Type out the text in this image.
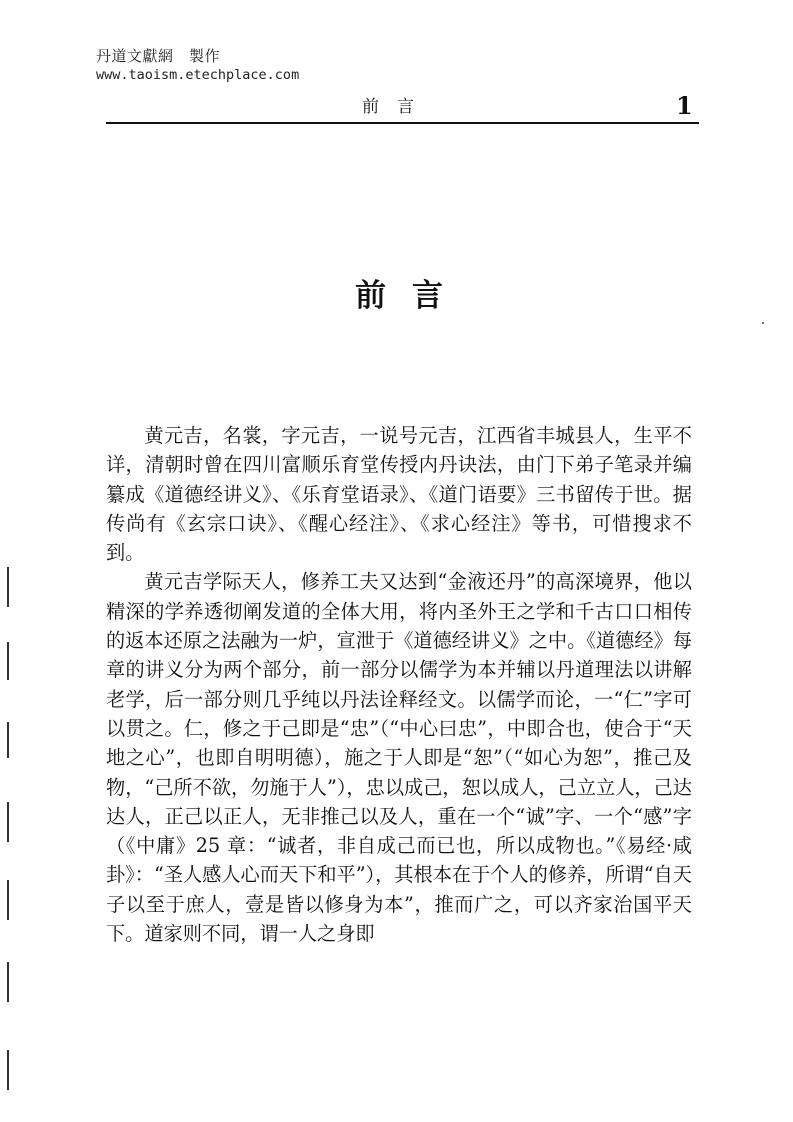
丹道文獻網　製作
www.taoism.etechplace.com
前言	1
前言

黄元吉，名裳，字元吉，一说号元吉，江西省丰城县人，生平不详，清朝时曾在四川富顺乐育堂传授内丹诀法，由门下弟子笔录并编纂成《道德经讲义》、《乐育堂语录》、《道门语要》三书留传于世。据传尚有《玄宗口诀》、《醒心经注》、《求心经注》等书，可惜搜求不到。

黄元吉学际天人，修养工夫又达到“金液还丹”的高深境界，他以精深的学养透彻阐发道的全体大用，将内圣外王之学和千古口口相传的返本还原之法融为一炉，宣泄于《道德经讲义》之中。《道德经》每章的讲义分为两个部分，前一部分以儒学为本并辅以丹道理法以讲解老学，后一部分则几乎纯以丹法诠释经文。以儒学而论，一“仁”字可以贯之。仁，修之于己即是“忠”（“中心曰忠”，中即合也，使合于“天地之心”，也即自明明德），施之于人即是“恕”（“如心为恕”，推己及物，“己所不欲，勿施于人”），忠以成己，恕以成人，己立立人，己达达人，正己以正人，无非推己以及人，重在一个“诚”字、一个“感”字（《中庸》25 章：“诚者，非自成己而已也，所以成物也。”《易经·咸卦》：“圣人感人心而天下和平”），其根本在于个人的修养，所谓“自天子以至于庶人，壹是皆以修身为本”，推而广之，可以齐家治国平天下。道家则不同，谓一人之身即
